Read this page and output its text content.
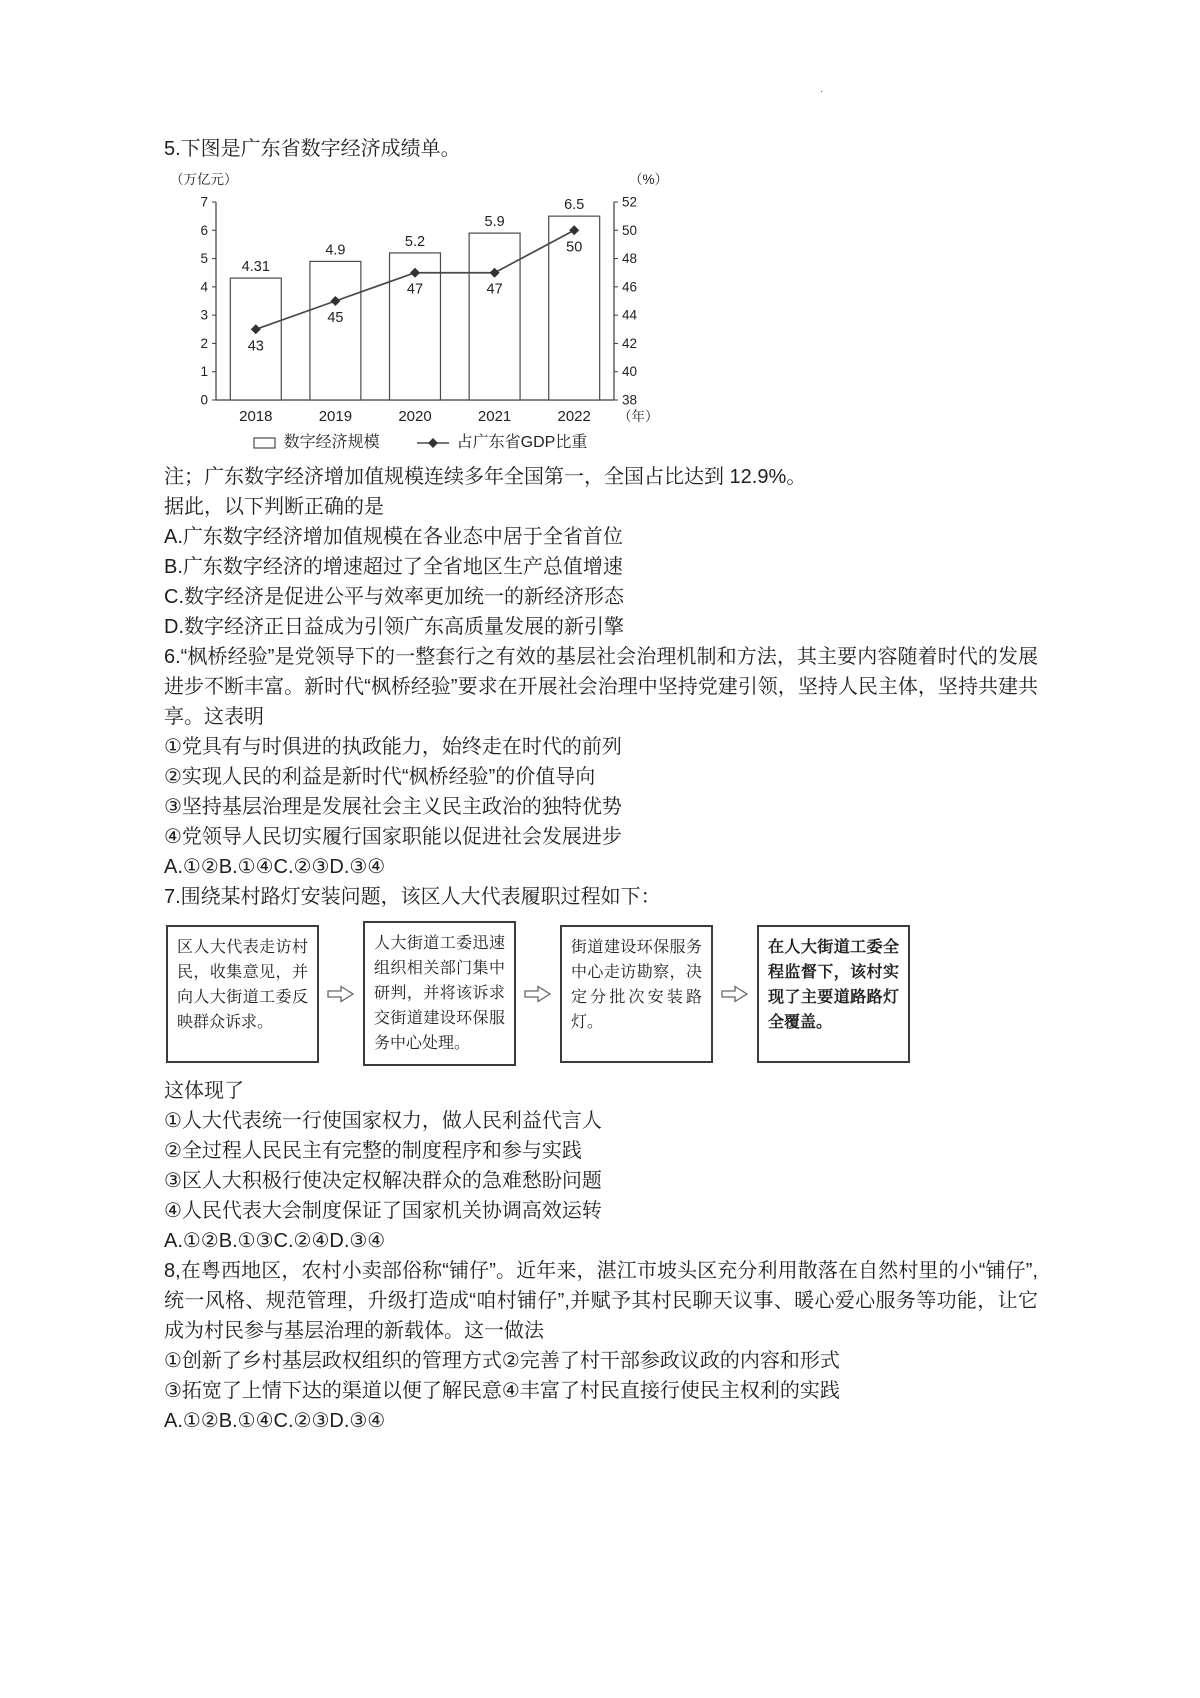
·

5.下图是广东省数字经济成绩单。

0
1
2
3
4
5
6
7
38
40
42
44
46
48
50
52
4.31
4.9
5.2
5.9
6.5
43
45
47	47
50
2018	2019	2020	2021	2022 （年）
（万亿元）	（%）
数字经济规模	占广东省GDP比重

注；广东数字经济增加值规模连续多年全国第一，全国占比达到 12.9%。

据此，以下判断正确的是

A.广东数字经济增加值规模在各业态中居于全省首位

B.广东数字经济的增速超过了全省地区生产总值增速

C.数字经济是促进公平与效率更加统一的新经济形态

D.数字经济正日益成为引领广东高质量发展的新引擎

6.“枫桥经验”是党领导下的一整套行之有效的基层社会治理机制和方法，其主要内容随着时代的发展进步不断丰富。新时代“枫桥经验”要求在开展社会治理中坚持党建引领，坚持人民主体，坚持共建共享。这表明

①党具有与时俱进的执政能力，始终走在时代的前列

②实现人民的利益是新时代“枫桥经验”的价值导向

③坚持基层治理是发展社会主义民主政治的独特优势

④党领导人民切实履行国家职能以促进社会发展进步

A.①②B.①④C.②③D.③④

7.围绕某村路灯安装问题，该区人大代表履职过程如下：

区人大代表走访村民，收集意见，并向人大街道工委反映群众诉求。
人大街道工委迅速组织相关部门集中研判，并将该诉求交街道建设环保服务中心处理。
街道建设环保服务中心走访勘察，决定分批次安装路灯。
在人大街道工委全程监督下，该村实现了主要道路路灯全覆盖。

这体现了

①人大代表统一行使国家权力，做人民利益代言人

②全过程人民民主有完整的制度程序和参与实践

③区人大积极行使决定权解决群众的急难愁盼问题

④人民代表大会制度保证了国家机关协调高效运转

A.①②B.①③C.②④D.③④

8,在粤西地区，农村小卖部俗称“铺仔”。近年来，湛江市坡头区充分利用散落在自然村里的小“铺仔”,统一风格、规范管理，升级打造成“咱村铺仔”,并赋予其村民聊天议事、暖心爱心服务等功能，让它成为村民参与基层治理的新载体。这一做法

①创新了乡村基层政权组织的管理方式②完善了村干部参政议政的内容和形式

③拓宽了上情下达的渠道以便了解民意④丰富了村民直接行使民主权利的实践

A.①②B.①④C.②③D.③④
